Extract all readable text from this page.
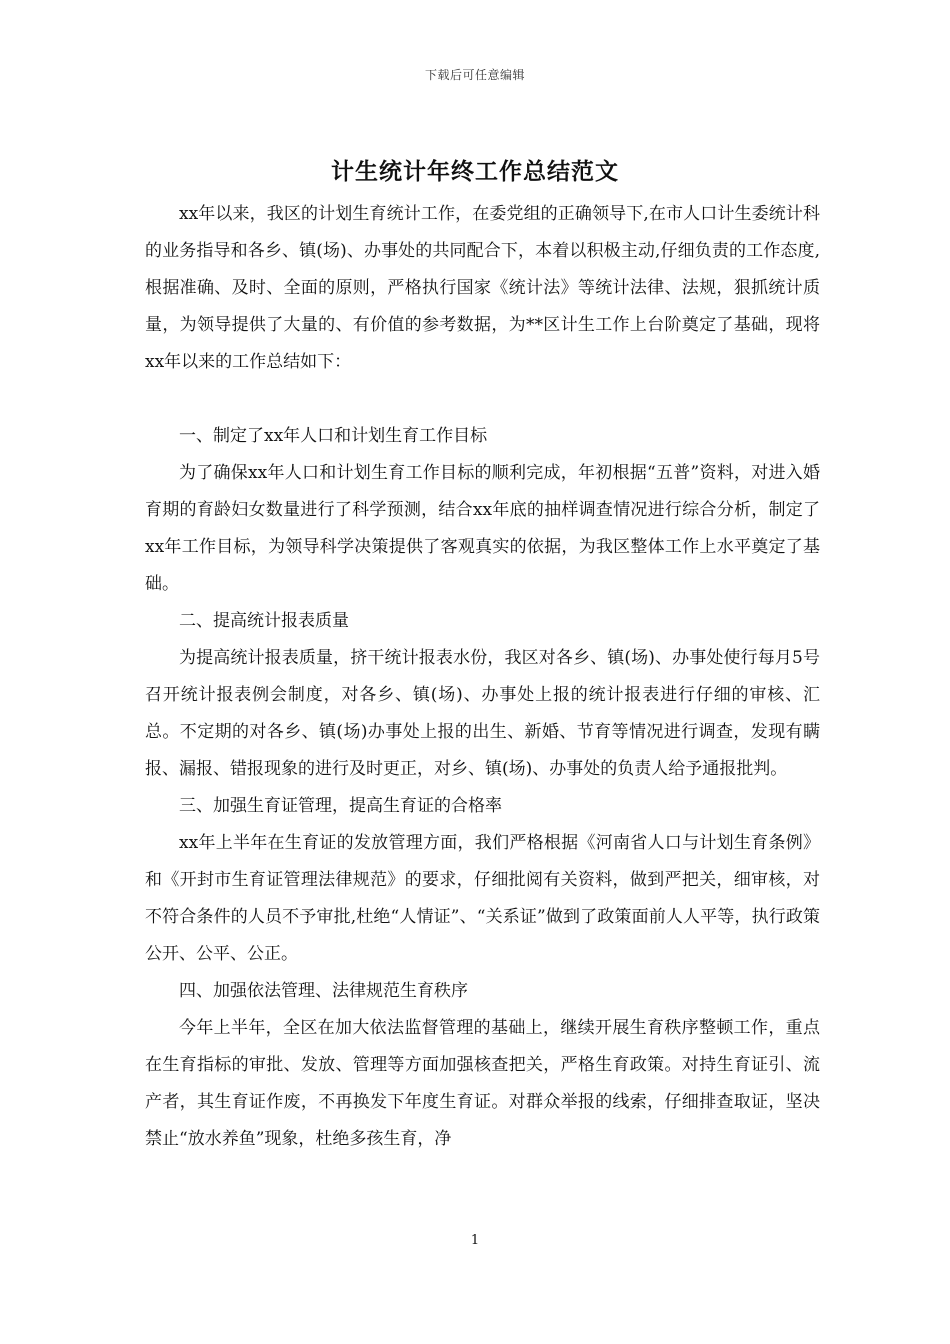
下载后可任意编辑
计生统计年终工作总结范文

xx年以来，我区的计划生育统计工作，在委党组的正确领导下,在市人口计生委统计科的业务指导和各乡、镇(场)、办事处的共同配合下，本着以积极主动,仔细负责的工作态度,根据准确、及时、全面的原则，严格执行国家《统计法》等统计法律、法规，狠抓统计质量，为领导提供了大量的、有价值的参考数据，为**区计生工作上台阶奠定了基础，现将xx年以来的工作总结如下：

一、制定了xx年人口和计划生育工作目标

为了确保xx年人口和计划生育工作目标的顺利完成，年初根据“五普”资料，对进入婚育期的育龄妇女数量进行了科学预测，结合xx年底的抽样调查情况进行综合分析，制定了xx年工作目标，为领导科学决策提供了客观真实的依据，为我区整体工作上水平奠定了基础。

二、提高统计报表质量

为提高统计报表质量，挤干统计报表水份，我区对各乡、镇(场)、办事处使行每月5号召开统计报表例会制度，对各乡、镇(场)、办事处上报的统计报表进行仔细的审核、汇总。不定期的对各乡、镇(场)办事处上报的出生、新婚、节育等情况进行调查，发现有瞒报、漏报、错报现象的进行及时更正，对乡、镇(场)、办事处的负责人给予通报批判。

三、加强生育证管理，提高生育证的合格率

xx年上半年在生育证的发放管理方面，我们严格根据《河南省人口与计划生育条例》和《开封市生育证管理法律规范》的要求，仔细批阅有关资料，做到严把关，细审核，对不符合条件的人员不予审批,杜绝“人情证”、“关系证”做到了政策面前人人平等，执行政策公开、公平、公正。

四、加强依法管理、法律规范生育秩序

今年上半年，全区在加大依法监督管理的基础上，继续开展生育秩序整顿工作，重点在生育指标的审批、发放、管理等方面加强核查把关，严格生育政策。对持生育证引、流产者，其生育证作废，不再换发下年度生育证。对群众举报的线索，仔细排查取证，坚决禁止“放水养鱼”现象，杜绝多孩生育，净

1
